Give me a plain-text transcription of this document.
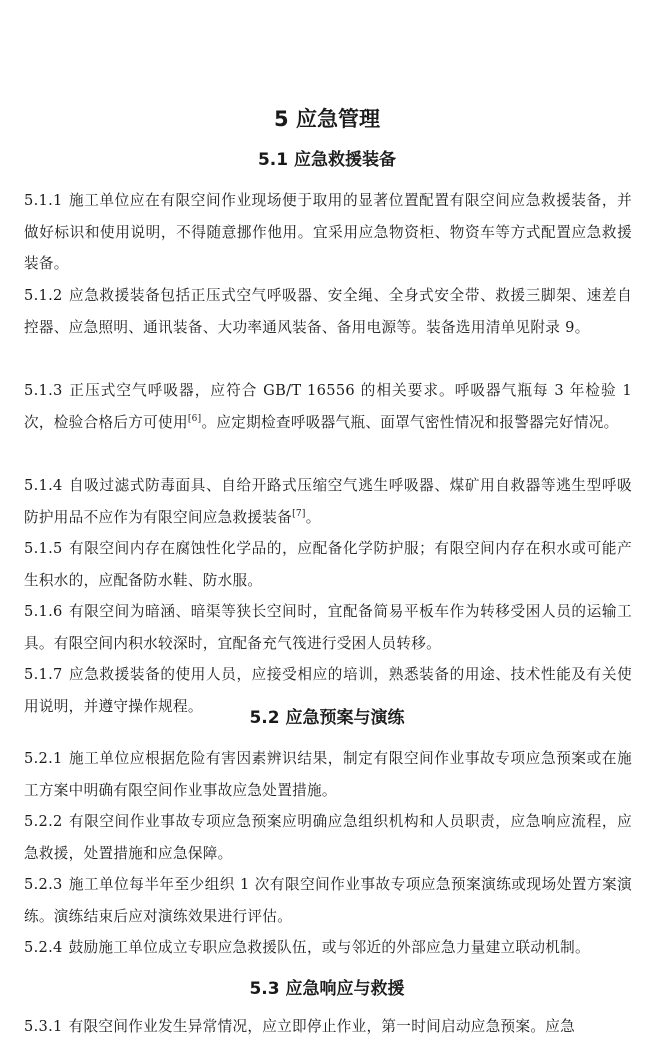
5 应急管理
5.1 应急救援装备
5.1.1 施工单位应在有限空间作业现场便于取用的显著位置配置有限空间应急救援装备，并做好标识和使用说明，不得随意挪作他用。宜采用应急物资柜、物资车等方式配置应急救援装备。
5.1.2 应急救援装备包括正压式空气呼吸器、安全绳、全身式安全带、救援三脚架、速差自控器、应急照明、通讯装备、大功率通风装备、备用电源等。装备选用清单见附录 9。
5.1.3 正压式空气呼吸器，应符合 GB/T 16556 的相关要求。呼吸器气瓶每 3 年检验 1 次，检验合格后方可使用[6]。应定期检查呼吸器气瓶、面罩气密性情况和报警器完好情况。
5.1.4 自吸过滤式防毒面具、自给开路式压缩空气逃生呼吸器、煤矿用自救器等逃生型呼吸防护用品不应作为有限空间应急救援装备[7]。
5.1.5 有限空间内存在腐蚀性化学品的，应配备化学防护服；有限空间内存在积水或可能产生积水的，应配备防水鞋、防水服。
5.1.6 有限空间为暗涵、暗渠等狭长空间时，宜配备简易平板车作为转移受困人员的运输工具。有限空间内积水较深时，宜配备充气筏进行受困人员转移。
5.1.7 应急救援装备的使用人员，应接受相应的培训，熟悉装备的用途、技术性能及有关使用说明，并遵守操作规程。
5.2 应急预案与演练
5.2.1 施工单位应根据危险有害因素辨识结果，制定有限空间作业事故专项应急预案或在施工方案中明确有限空间作业事故应急处置措施。
5.2.2 有限空间作业事故专项应急预案应明确应急组织机构和人员职责，应急响应流程，应急救援，处置措施和应急保障。
5.2.3 施工单位每半年至少组织 1 次有限空间作业事故专项应急预案演练或现场处置方案演练。演练结束后应对演练效果进行评估。
5.2.4 鼓励施工单位成立专职应急救援队伍，或与邻近的外部应急力量建立联动机制。
5.3 应急响应与救援
5.3.1 有限空间作业发生异常情况，应立即停止作业，第一时间启动应急预案。应急
